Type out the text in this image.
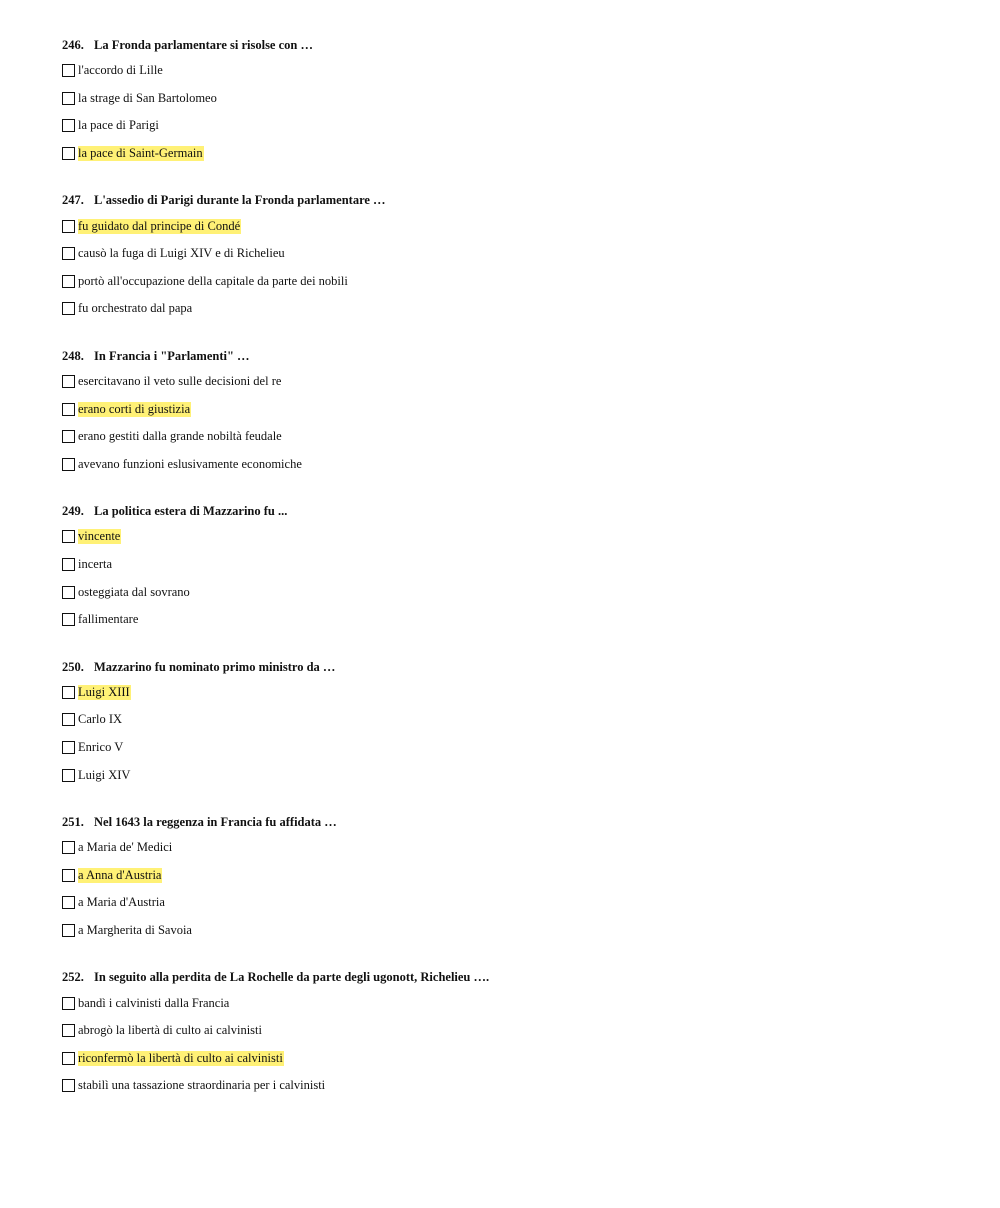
246. La Fronda parlamentare si risolse con …
l'accordo di Lille
la strage di San Bartolomeo
la pace di Parigi
la pace di Saint-Germain
247. L'assedio di Parigi durante la Fronda parlamentare …
fu guidato dal principe di Condé
causò la fuga di Luigi XIV e di Richelieu
portò all'occupazione della capitale da parte dei nobili
fu orchestrato dal papa
248. In Francia i "Parlamenti" …
esercitavano il veto sulle decisioni del re
erano corti di giustizia
erano gestiti dalla grande nobiltà feudale
avevano funzioni eslusivamente economiche
249. La politica estera di Mazzarino fu ...
vincente
incerta
osteggiata dal sovrano
fallimentare
250. Mazzarino fu nominato primo ministro da …
Luigi XIII
Carlo IX
Enrico V
Luigi XIV
251. Nel 1643 la reggenza in Francia fu affidata …
a Maria de' Medici
a Anna d'Austria
a Maria d'Austria
a Margherita di Savoia
252. In seguito alla perdita de La Rochelle da parte degli ugonott, Richelieu ….
bandì i calvinisti dalla Francia
abrogò la libertà di culto ai calvinisti
riconfermò la libertà di culto ai calvinisti
stabilì una tassazione straordinaria per i calvinisti
